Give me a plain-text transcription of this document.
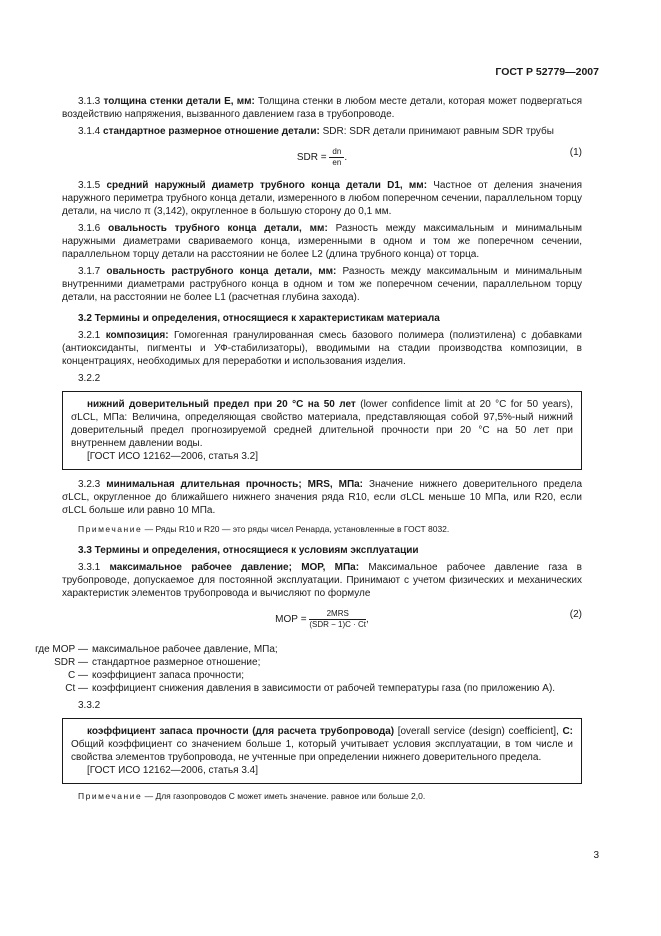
ГОСТ Р 52779—2007

3.1.3 толщина стенки детали E, мм: Толщина стенки в любом месте детали, которая может подвергаться воздействию напряжения, вызванного давлением газа в трубопроводе.

3.1.4 стандартное размерное отношение детали: SDR: SDR детали принимают равным SDR трубы

SDR = $\frac{dn}{en}$ .	(1)

3.1.5 средний наружный диаметр трубного конца детали D1, мм: Частное от деления значения наружного периметра трубного конца детали, измеренного в любом поперечном сечении, параллельном торцу детали, на число π (3,142), округленное в большую сторону до 0,1 мм.

3.1.6 овальность трубного конца детали, мм: Разность между максимальным и минимальным наружными диаметрами свариваемого конца, измеренными в одном и том же поперечном сечении, параллельном торцу детали на расстоянии не более L2 (длина трубного конца) от торца.

3.1.7 овальность раструбного конца детали, мм: Разность между максимальным и минимальным внутренними диаметрами раструбного конца в одном и том же поперечном сечении, параллельном торцу детали, на расстоянии не более L1 (расчетная глубина захода).

3.2 Термины и определения, относящиеся к характеристикам материала

3.2.1 композиция: Гомогенная гранулированная смесь базового полимера (полиэтилена) с добавками (антиоксиданты, пигменты и УФ-стабилизаторы), вводимыми на стадии производства композиции, в концентрациях, необходимых для переработки и использования изделия.

3.2.2

нижний доверительный предел при 20 °С на 50 лет (lower confidence limit at 20 °C for 50 years), σLCL, МПа: Величина, определяющая свойство материала, представляющая собой 97,5%-ный нижний доверительный предел прогнозируемой средней длительной прочности при 20 °С на 50 лет при внутреннем давлении воды.

[ГОСТ ИСО 12162—2006, статья 3.2]

3.2.3 минимальная длительная прочность; MRS, МПа: Значение нижнего доверительного предела σLCL, округленное до ближайшего нижнего значения ряда R10, если σLCL меньше 10 МПа, или R20, если σLCL больше или равно 10 МПа.

Примечание — Ряды R10 и R20 — это ряды чисел Ренарда, установленные в ГОСТ 8032.

3.3 Термины и определения, относящиеся к условиям эксплуатации

3.3.1 максимальное рабочее давление; МОР, МПа: Максимальное рабочее давление газа в трубопроводе, допускаемое для постоянной эксплуатации. Принимают с учетом физических и механических характеристик элементов трубопровода и вычисляют по формуле

МОР = $\frac{\text{2MRS}}{\text{(SDR − 1)C · Ct}}$ ,	(2)
где МОР — максимальное рабочее давление, МПа;
SDR — стандартное размерное отношение;
C — коэффициент запаса прочности;
Ct — коэффициент снижения давления в зависимости от рабочей температуры газа (по приложению А).

3.3.2

коэффициент запаса прочности (для расчета трубопровода) [overall service (design) coefficient], C: Общий коэффициент со значением больше 1, который учитывает условия эксплуатации, в том числе и свойства элементов трубопровода, не учтенные при определении нижнего доверительного предела.

[ГОСТ ИСО 12162—2006, статья 3.4]

Примечание — Для газопроводов С может иметь значение. равное или больше 2,0.

3
